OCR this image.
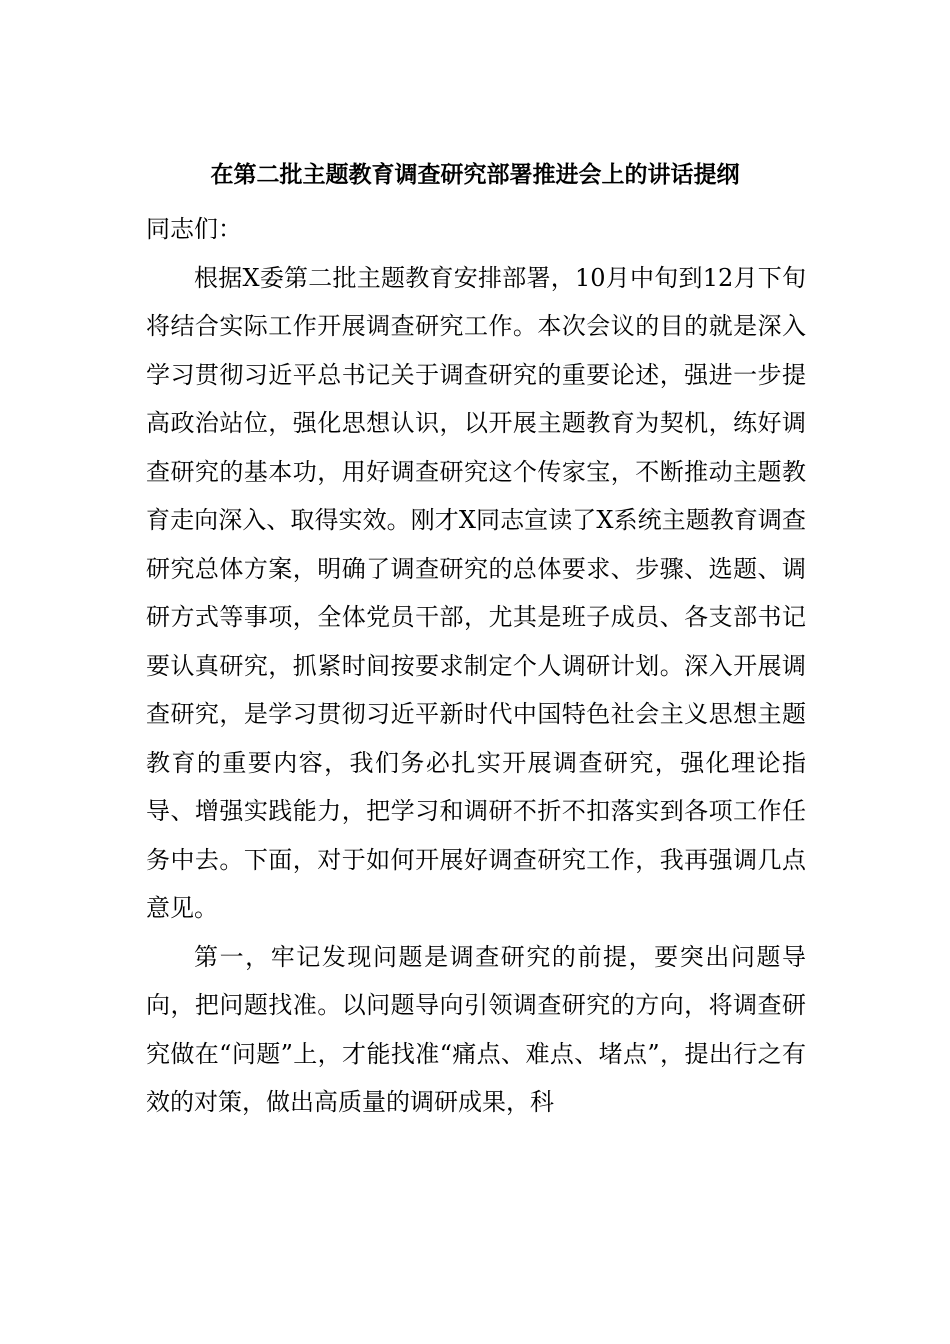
在第二批主题教育调查研究部署推进会上的讲话提纲

同志们：

根据X委第二批主题教育安排部署，10月中旬到12月下旬将结合实际工作开展调查研究工作。本次会议的目的就是深入学习贯彻习近平总书记关于调查研究的重要论述，强进一步提高政治站位，强化思想认识，以开展主题教育为契机，练好调查研究的基本功，用好调查研究这个传家宝，不断推动主题教育走向深入、取得实效。刚才X同志宣读了X系统主题教育调查研究总体方案，明确了调查研究的总体要求、步骤、选题、调研方式等事项，全体党员干部，尤其是班子成员、各支部书记要认真研究，抓紧时间按要求制定个人调研计划。深入开展调查研究，是学习贯彻习近平新时代中国特色社会主义思想主题教育的重要内容，我们务必扎实开展调查研究，强化理论指导、增强实践能力，把学习和调研不折不扣落实到各项工作任务中去。下面，对于如何开展好调查研究工作，我再强调几点意见。

第一，牢记发现问题是调查研究的前提，要突出问题导向，把问题找准。以问题导向引领调查研究的方向，将调查研究做在“问题”上，才能找准“痛点、难点、堵点”，提出行之有效的对策，做出高质量的调研成果，科
